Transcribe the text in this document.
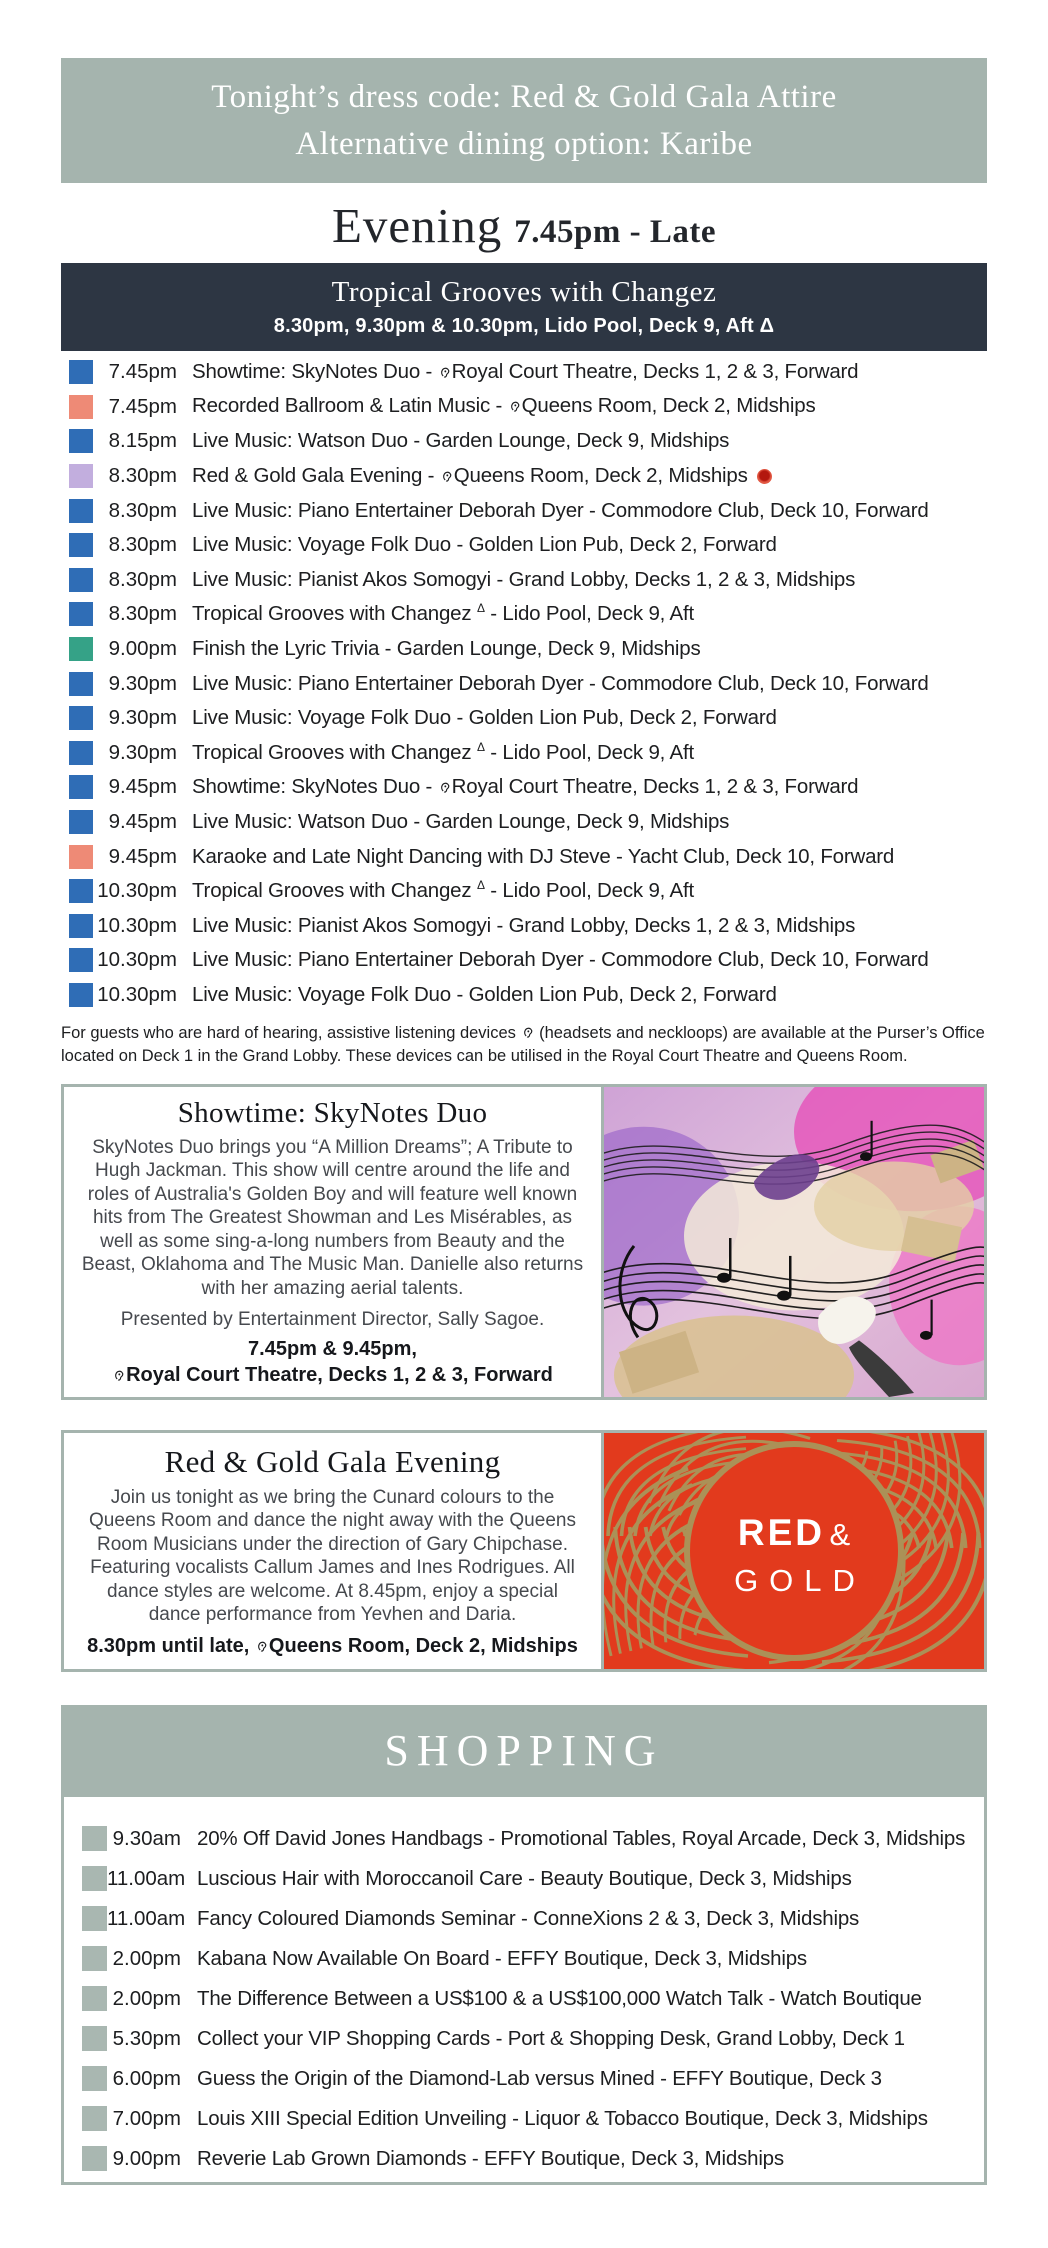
Tonight’s dress code: Red & Gold Gala Attire
Alternative dining option: Karibe
Evening 7.45pm - Late
Tropical Grooves with Changez
8.30pm, 9.30pm & 10.30pm, Lido Pool, Deck 9, Aft Δ
7.45pm Showtime: SkyNotes Duo - Royal Court Theatre, Decks 1, 2 & 3, Forward
7.45pm Recorded Ballroom & Latin Music - Queens Room, Deck 2, Midships
8.15pm Live Music: Watson Duo - Garden Lounge, Deck 9, Midships
8.30pm Red & Gold Gala Evening - Queens Room, Deck 2, Midships
8.30pm Live Music: Piano Entertainer Deborah Dyer - Commodore Club, Deck 10, Forward
8.30pm Live Music: Voyage Folk Duo - Golden Lion Pub, Deck 2, Forward
8.30pm Live Music: Pianist Akos Somogyi - Grand Lobby, Decks 1, 2 & 3, Midships
8.30pm Tropical Grooves with Changez $^\Delta$ - Lido Pool, Deck 9, Aft
9.00pm Finish the Lyric Trivia - Garden Lounge, Deck 9, Midships
9.30pm Live Music: Piano Entertainer Deborah Dyer - Commodore Club, Deck 10, Forward
9.30pm Live Music: Voyage Folk Duo - Golden Lion Pub, Deck 2, Forward
9.30pm Tropical Grooves with Changez $^\Delta$ - Lido Pool, Deck 9, Aft
9.45pm Showtime: SkyNotes Duo - Royal Court Theatre, Decks 1, 2 & 3, Forward
9.45pm Live Music: Watson Duo - Garden Lounge, Deck 9, Midships
9.45pm Karaoke and Late Night Dancing with DJ Steve - Yacht Club, Deck 10, Forward
10.30pm Tropical Grooves with Changez $^\Delta$ - Lido Pool, Deck 9, Aft
10.30pm Live Music: Pianist Akos Somogyi - Grand Lobby, Decks 1, 2 & 3, Midships
10.30pm Live Music: Piano Entertainer Deborah Dyer - Commodore Club, Deck 10, Forward
10.30pm Live Music: Voyage Folk Duo - Golden Lion Pub, Deck 2, Forward

For guests who are hard of hearing, assistive listening devices  (headsets and neckloops) are available at the Purser’s Office located on Deck 1 in the Grand Lobby. These devices can be utilised in the Royal Court Theatre and Queens Room.

Showtime: SkyNotes Duo
SkyNotes Duo brings you “A Million Dreams”; A Tribute to Hugh Jackman. This show will centre around the life and roles of Australia's Golden Boy and will feature well known hits from The Greatest Showman and Les Misérables, as well as some sing-a-long numbers from Beauty and the Beast, Oklahoma and The Music Man. Danielle also returns with her amazing aerial talents.
Presented by Entertainment Director, Sally Sagoe.
7.45pm & 9.45pm,
Royal Court Theatre, Decks 1, 2 & 3, Forward
Red & Gold Gala Evening
Join us tonight as we bring the Cunard colours to the Queens Room and dance the night away with the Queens Room Musicians under the direction of Gary Chipchase. Featuring vocalists Callum James and Ines Rodrigues. All dance styles are welcome. At 8.45pm, enjoy a special dance performance from Yevhen and Daria.
8.30pm until late, Queens Room, Deck 2, Midships
RED &
GOLD
SHOPPING
9.30am 20% Off David Jones Handbags - Promotional Tables, Royal Arcade, Deck 3, Midships
11.00am Luscious Hair with Moroccanoil Care - Beauty Boutique, Deck 3, Midships
11.00am Fancy Coloured Diamonds Seminar - ConneXions 2 & 3, Deck 3, Midships
2.00pm Kabana Now Available On Board - EFFY Boutique, Deck 3, Midships
2.00pm The Difference Between a US$100 & a US$100,000 Watch Talk - Watch Boutique
5.30pm Collect your VIP Shopping Cards - Port & Shopping Desk, Grand Lobby, Deck 1
6.00pm Guess the Origin of the Diamond-Lab versus Mined - EFFY Boutique, Deck 3
7.00pm Louis XIII Special Edition Unveiling - Liquor & Tobacco Boutique, Deck 3, Midships
9.00pm Reverie Lab Grown Diamonds - EFFY Boutique, Deck 3, Midships
